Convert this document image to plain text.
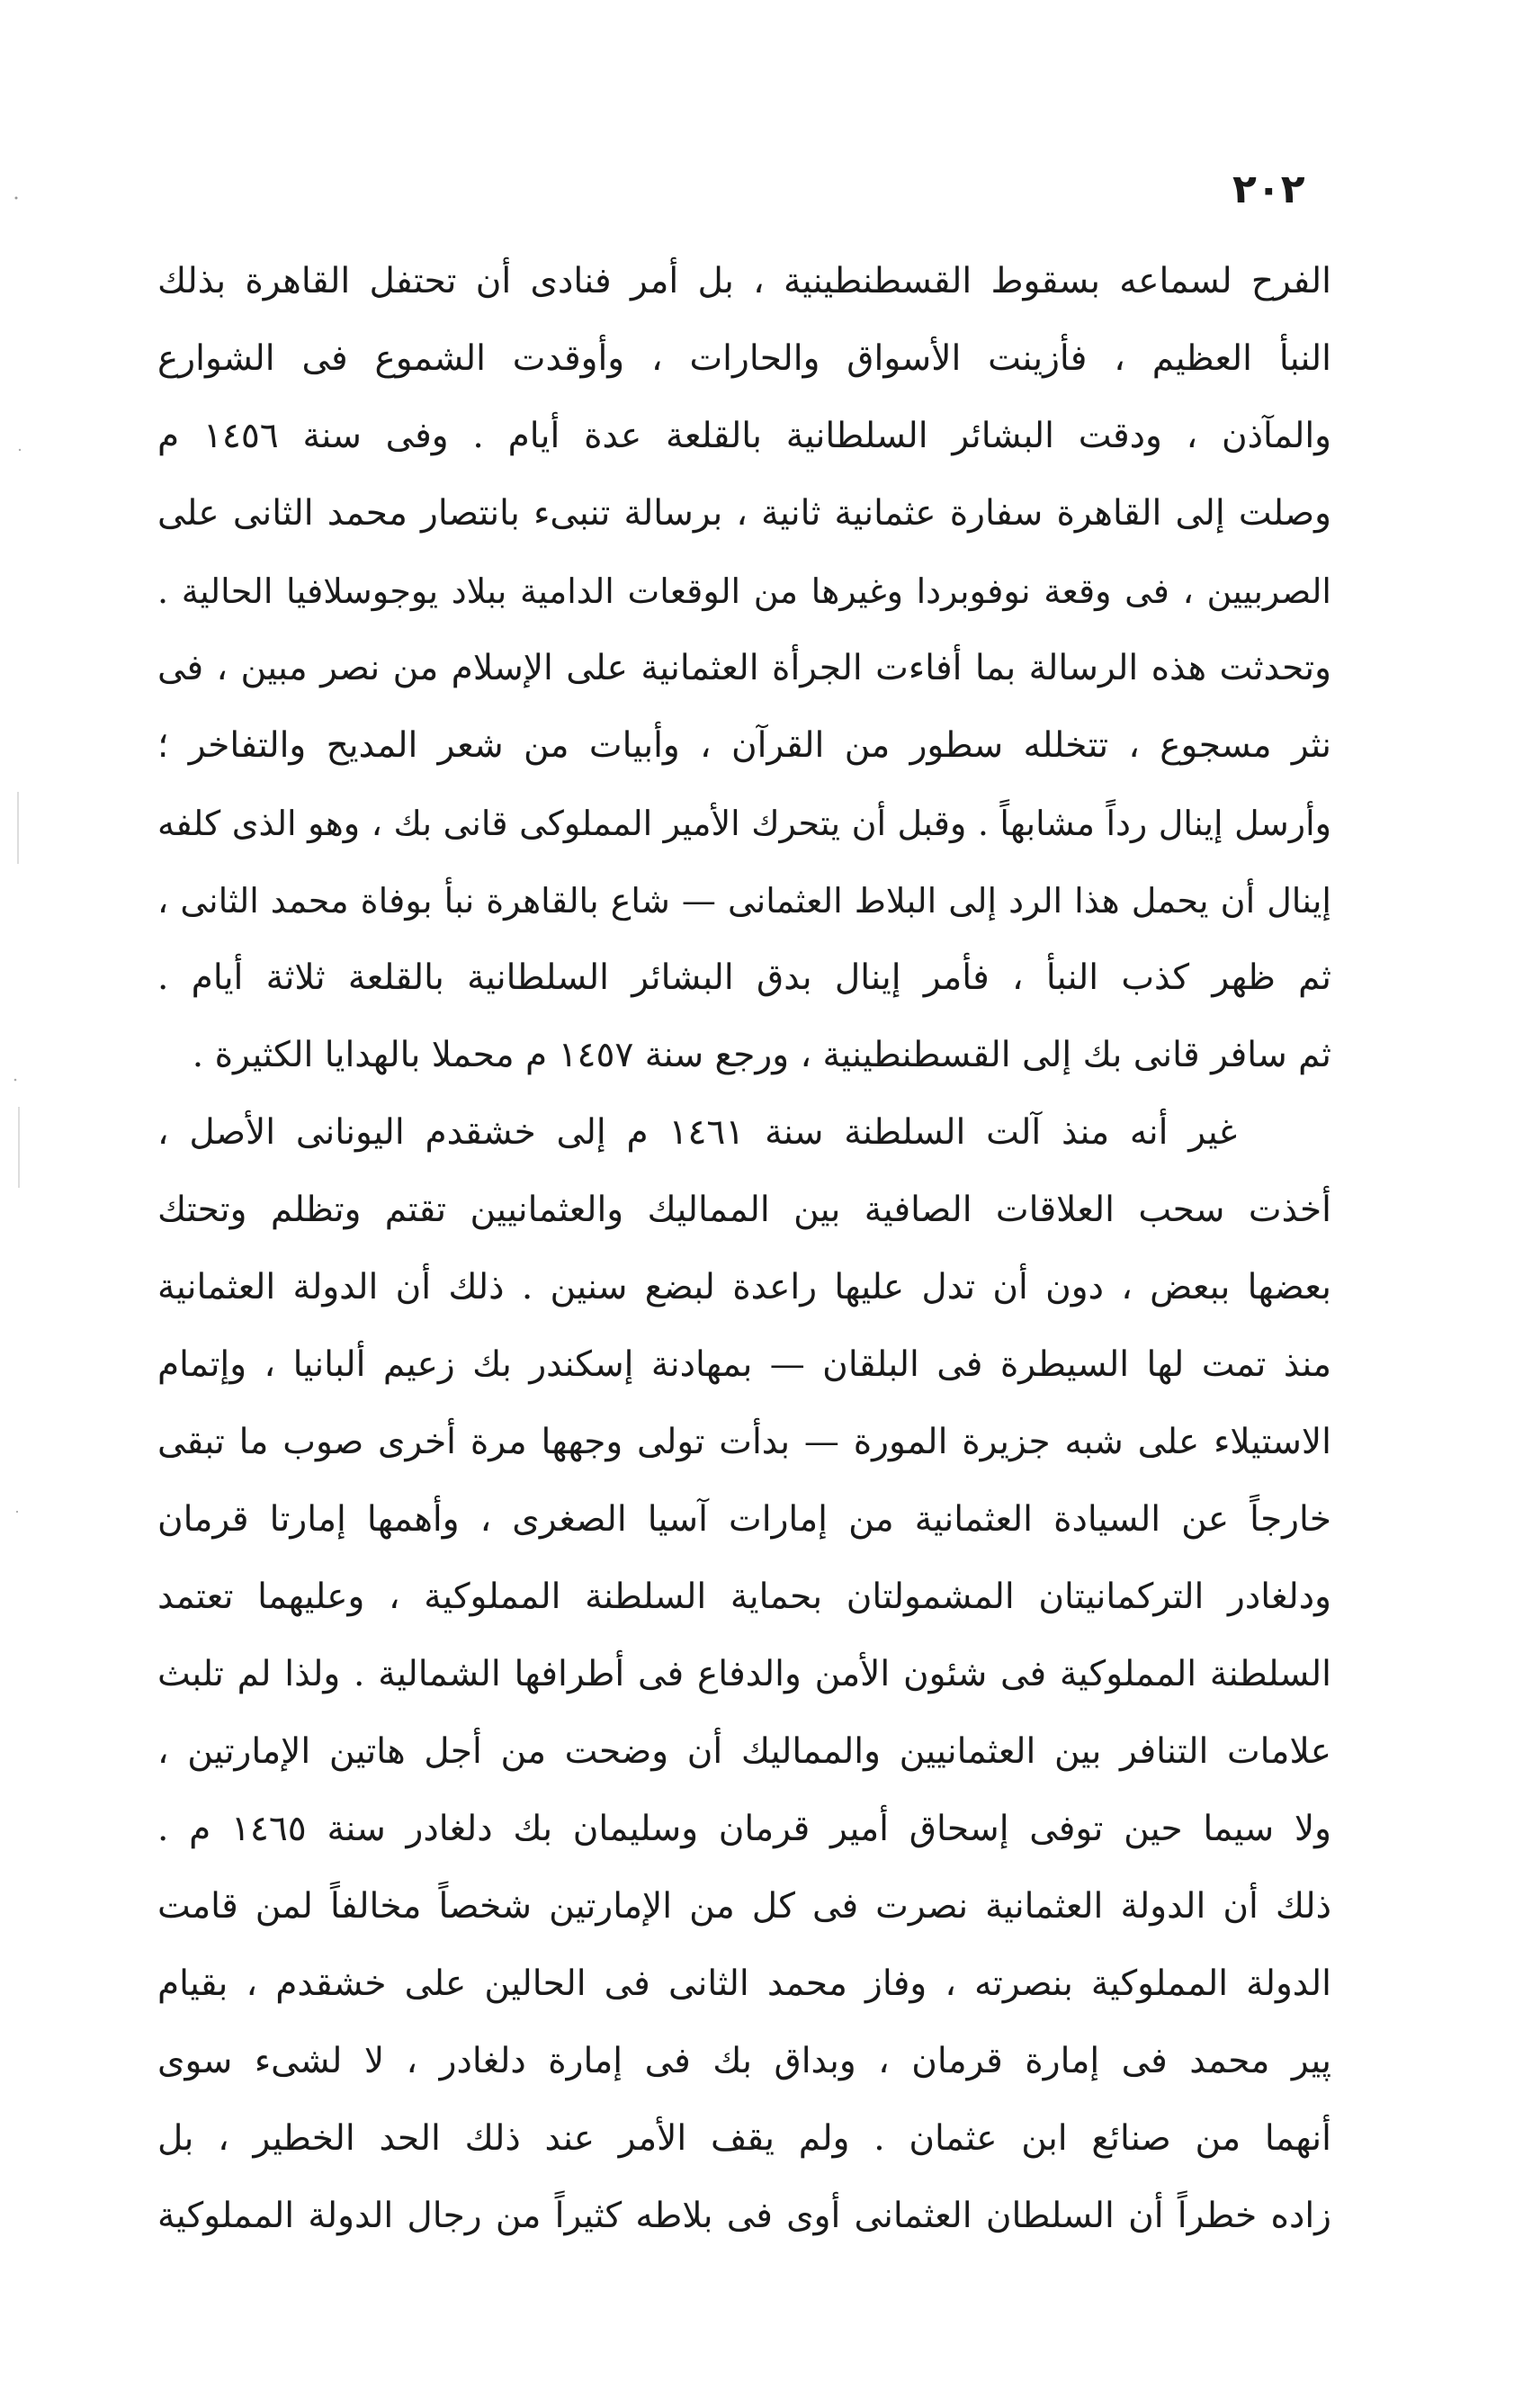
٢٠٢
الفرح لسماعه بسقوط القسطنطينية ، بل أمر فنادى أن تحتفل القاهرة بذلك
النبأ العظيم ، فأزينت الأسواق والحارات ، وأوقدت الشموع فى الشوارع
والمآذن ، ودقت البشائر السلطانية بالقلعة عدة أيام . وفى سنة ١٤٥٦ م
وصلت إلى القاهرة سفارة عثمانية ثانية ، برسالة تنبىء بانتصار محمد الثانى على
الصربيين ، فى وقعة نوفوبردا وغيرها من الوقعات الدامية ببلاد يوجوسلافيا الحالية .
وتحدثت هذه الرسالة بما أفاءت الجرأة العثمانية على الإسلام من نصر مبين ، فى
نثر مسجوع ، تتخلله سطور من القرآن ، وأبيات من شعر المديح والتفاخر ؛
وأرسل إينال رداً مشابهاً . وقبل أن يتحرك الأمير المملوكى قانى بك ، وهو الذى كلفه
إينال أن يحمل هذا الرد إلى البلاط العثمانى — شاع بالقاهرة نبأ بوفاة محمد الثانى ،
ثم ظهر كذب النبأ ، فأمر إينال بدق البشائر السلطانية بالقلعة ثلاثة أيام .
ثم سافر قانى بك إلى القسطنطينية ، ورجع سنة ١٤٥٧ م محملا بالهدايا الكثيرة .
غير أنه منذ آلت السلطنة سنة ١٤٦١ م إلى خشقدم اليونانى الأصل ،
أخذت سحب العلاقات الصافية بين المماليك والعثمانيين تقتم وتظلم وتحتك
بعضها ببعض ، دون أن تدل عليها راعدة لبضع سنين . ذلك أن الدولة العثمانية
منذ تمت لها السيطرة فى البلقان — بمهادنة إسكندر بك زعيم ألبانيا ، وإتمام
الاستيلاء على شبه جزيرة المورة — بدأت تولى وجهها مرة أخرى صوب ما تبقى
خارجاً عن السيادة العثمانية من إمارات آسيا الصغرى ، وأهمها إمارتا قرمان
ودلغادر التركمانيتان المشمولتان بحماية السلطنة المملوكية ، وعليهما تعتمد
السلطنة المملوكية فى شئون الأمن والدفاع فى أطرافها الشمالية . ولذا لم تلبث
علامات التنافر بين العثمانيين والمماليك أن وضحت من أجل هاتين الإمارتين ،
ولا سيما حين توفى إسحاق أمير قرمان وسليمان بك دلغادر سنة ١٤٦٥ م .
ذلك أن الدولة العثمانية نصرت فى كل من الإمارتين شخصاً مخالفاً لمن قامت
الدولة المملوكية بنصرته ، وفاز محمد الثانى فى الحالين على خشقدم ، بقيام
پير محمد فى إمارة قرمان ، وبداق بك فى إمارة دلغادر ، لا لشىء سوى
أنهما من صنائع ابن عثمان . ولم يقف الأمر عند ذلك الحد الخطير ، بل
زاده خطراً أن السلطان العثمانى أوى فى بلاطه كثيراً من رجال الدولة المملوكية
